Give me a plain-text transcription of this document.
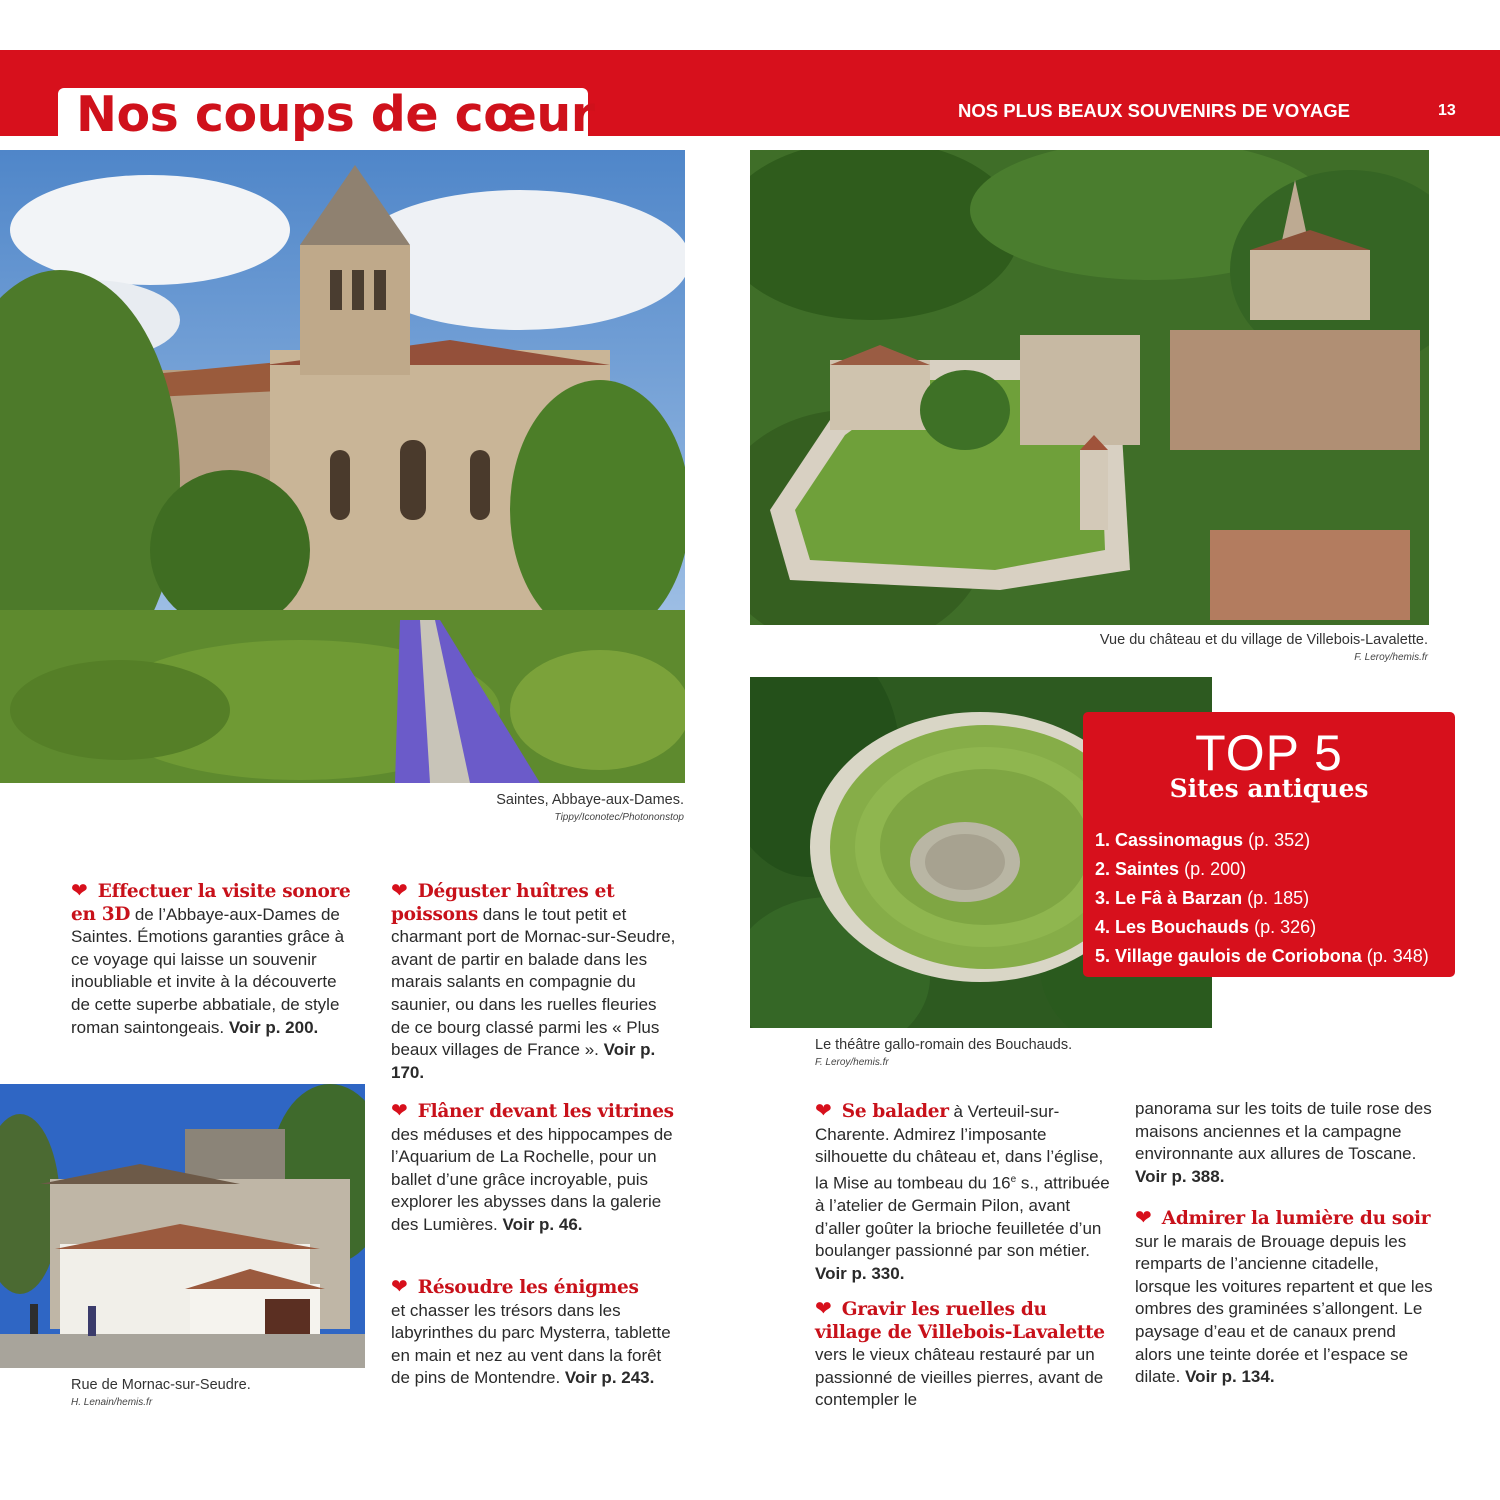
Nos coups de cœur	NOS PLUS BEAUX SOUVENIRS DE VOYAGE	13
Saintes, Abbaye-aux-Dames.
Tippy/Iconotec/Photononstop
Vue du château et du village de Villebois-Lavalette.
F. Leroy/hemis.fr
Le théâtre gallo-romain des Bouchauds.
F. Leroy/hemis.fr
TOP 5
Sites antiques
1. Cassinomagus (p. 352)
2. Saintes (p. 200)
3. Le Fâ à Barzan (p. 185)
4. Les Bouchauds (p. 326)
5. Village gaulois de Coriobona (p. 348)
Rue de Mornac-sur-Seudre.
H. Lenain/hemis.fr
❤ Effectuer la visite sonore en 3D de l’Abbaye-aux-Dames de Saintes. Émotions garanties grâce à ce voyage qui laisse un souvenir inoubliable et invite à la découverte de cette superbe abbatiale, de style roman saintongeais. Voir p. 200.
❤ Déguster huîtres et poissons dans le tout petit et charmant port de Mornac-sur-Seudre, avant de partir en balade dans les marais salants en compagnie du saunier, ou dans les ruelles fleuries de ce bourg classé parmi les « Plus beaux villages de France ». Voir p. 170.
❤ Flâner devant les vitrines des méduses et des hippocampes de l’Aquarium de La Rochelle, pour un ballet d’une grâce incroyable, puis explorer les abysses dans la galerie des Lumières. Voir p. 46.
❤ Résoudre les énigmes
et chasser les trésors dans les labyrinthes du parc Mysterra, tablette en main et nez au vent dans la forêt de pins de Montendre. Voir p. 243.
❤ Se balader à Verteuil-sur-Charente. Admirez l’imposante silhouette du château et, dans l’église, la Mise au tombeau du 16e s., attribuée à l’atelier de Germain Pilon, avant d’aller goûter la brioche feuilletée d’un boulanger passionné par son métier. Voir p. 330.
❤ Gravir les ruelles du village de Villebois-Lavalette vers le vieux château restauré par un passionné de vieilles pierres, avant de contempler le
panorama sur les toits de tuile rose des maisons anciennes et la campagne environnante aux allures de Toscane. Voir p. 388.
❤ Admirer la lumière du soir sur le marais de Brouage depuis les remparts de l’ancienne citadelle, lorsque les voitures repartent et que les ombres des graminées s’allongent. Le paysage d’eau et de canaux prend alors une teinte dorée et l’espace se dilate. Voir p. 134.
